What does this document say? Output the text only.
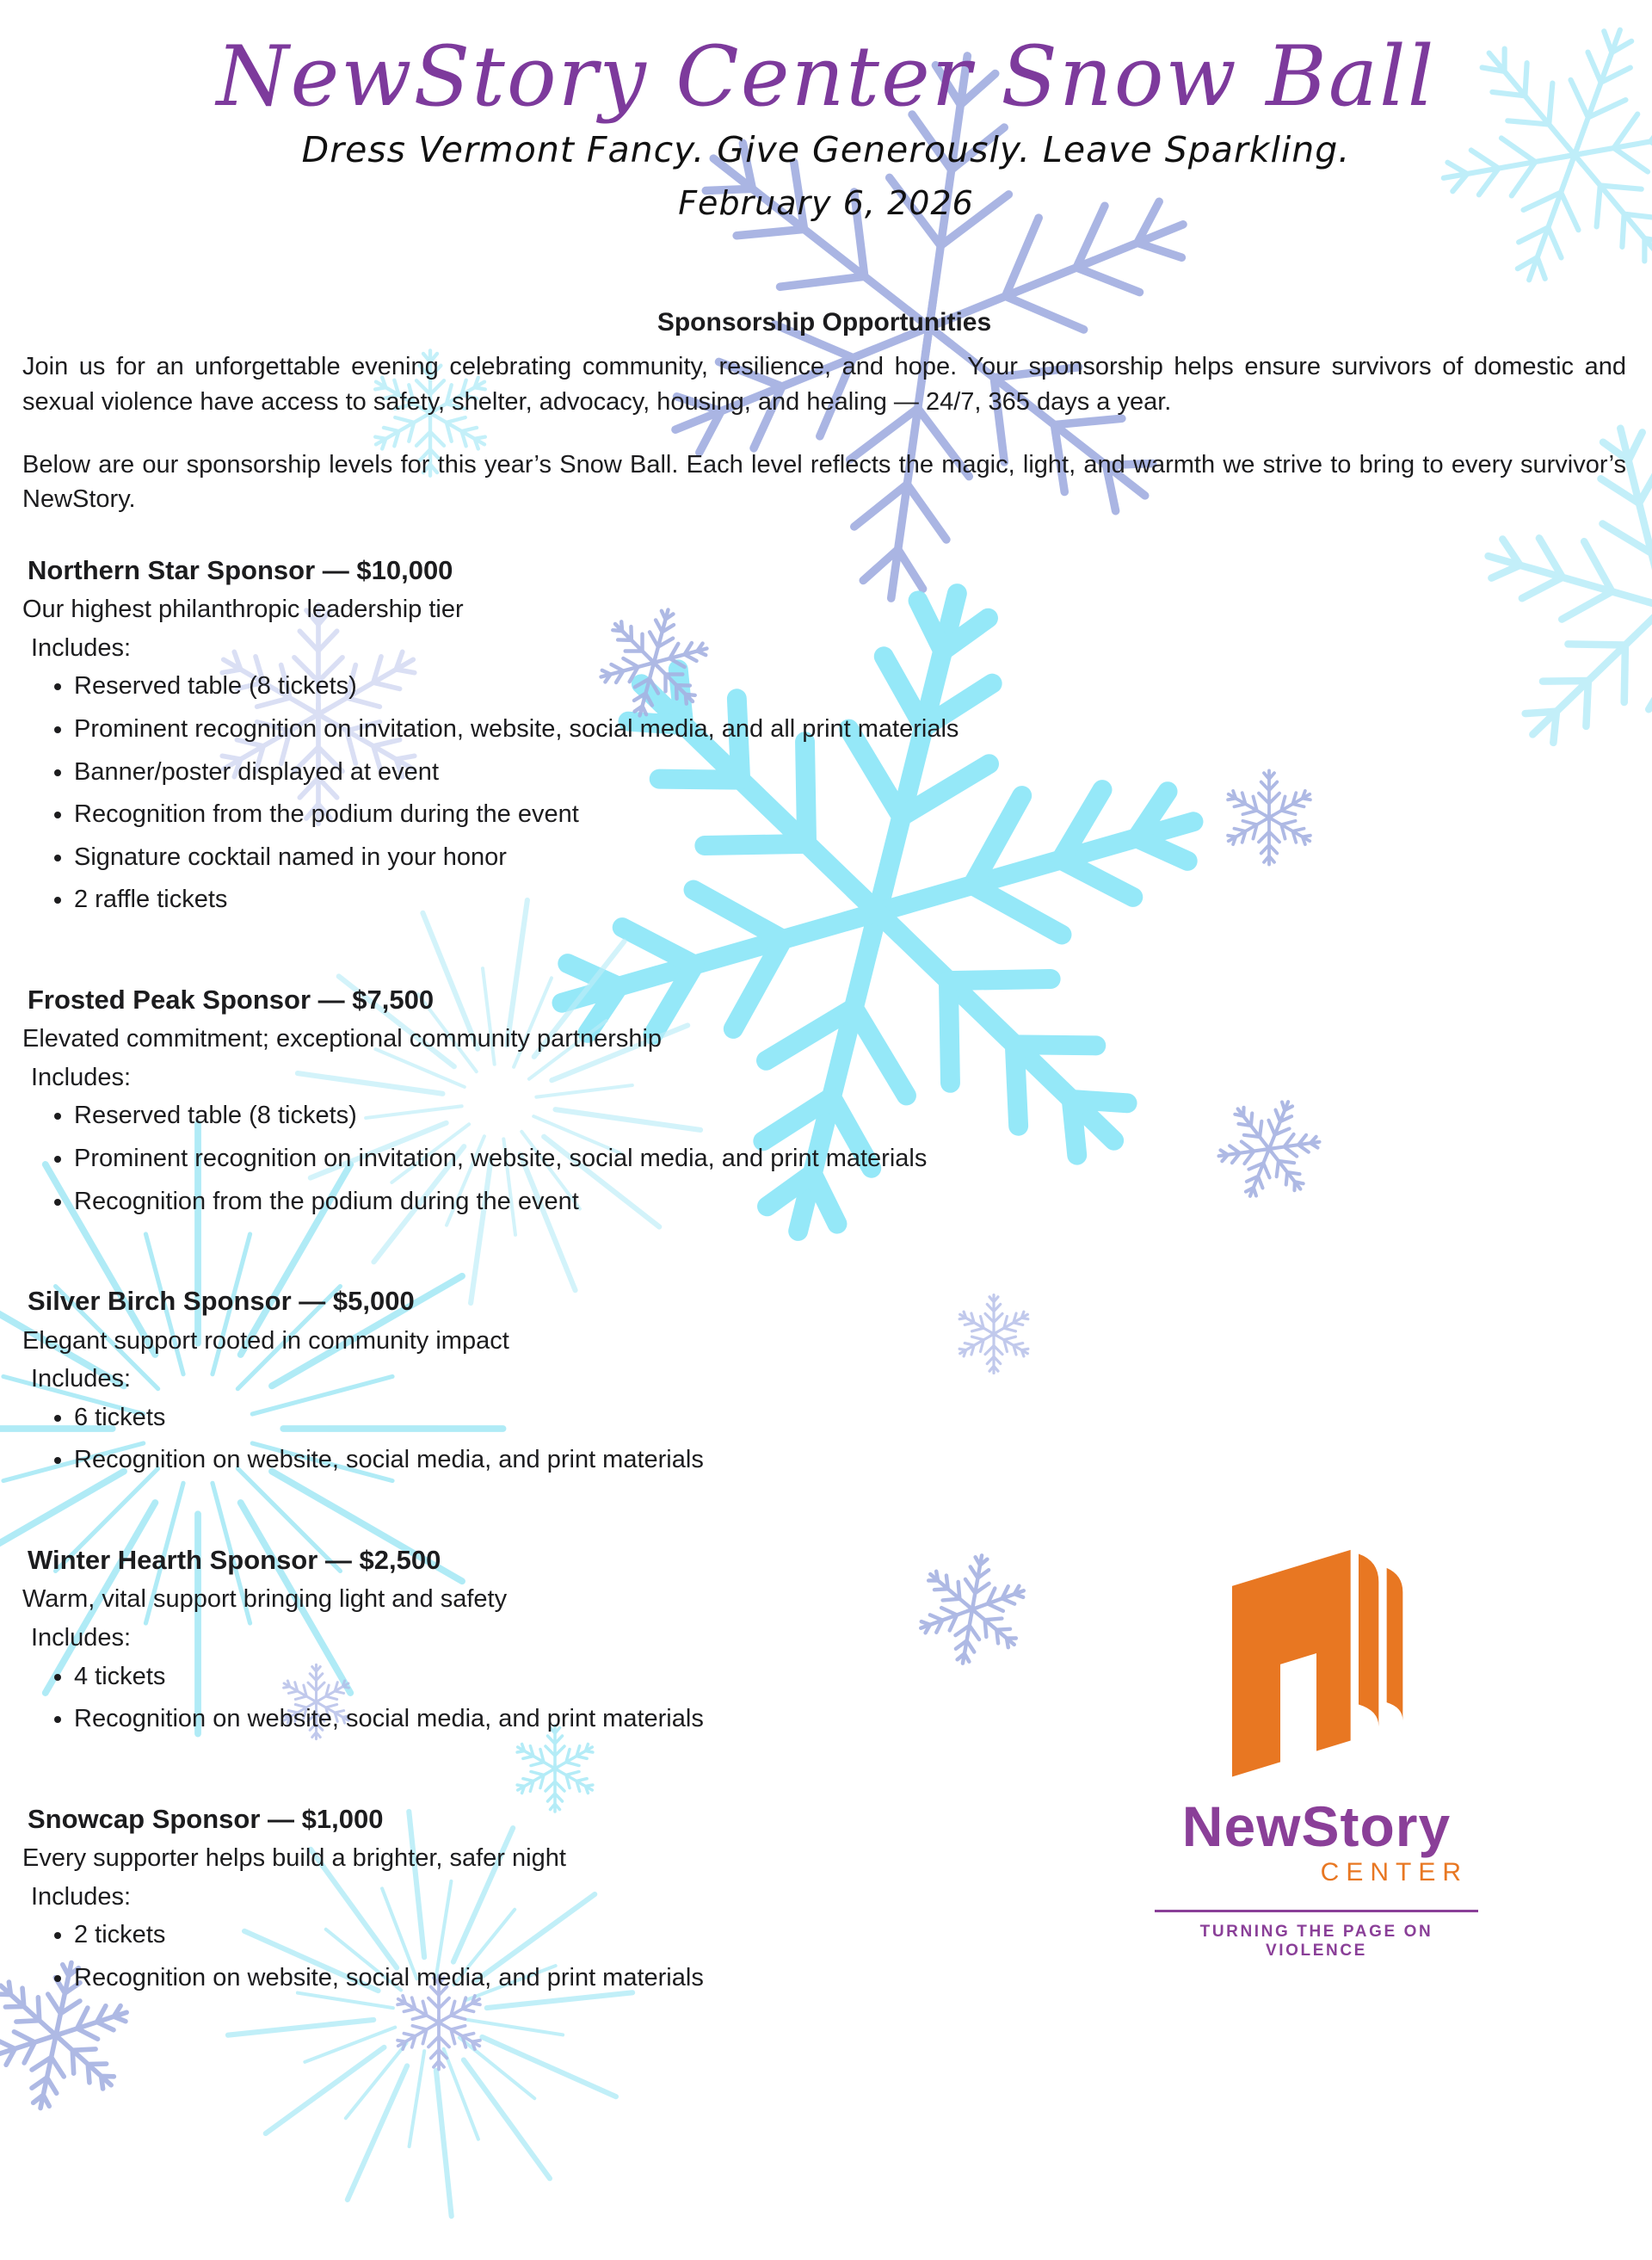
NewStory Center Snow Ball

Dress Vermont Fancy. Give Generously. Leave Sparkling.

February 6, 2026

Sponsorship Opportunities

Join us for an unforgettable evening celebrating community, resilience, and hope. Your sponsorship helps ensure survivors of domestic and sexual violence have access to safety, shelter, advocacy, housing, and healing — 24/7, 365 days a year.

Below are our sponsorship levels for this year’s Snow Ball. Each level reflects the magic, light, and warmth we strive to bring to every survivor’s NewStory.

Northern Star Sponsor — $10,000

Our highest philanthropic leadership tier

Includes:

• Reserved table (8 tickets)
• Prominent recognition on invitation, website, social media, and all print materials
• Banner/poster displayed at event
• Recognition from the podium during the event
• Signature cocktail named in your honor
• 2 raffle tickets
Frosted Peak Sponsor — $7,500

Elevated commitment; exceptional community partnership

Includes:

• Reserved table (8 tickets)
• Prominent recognition on invitation, website, social media, and print materials
• Recognition from the podium during the event
Silver Birch Sponsor — $5,000

Elegant support rooted in community impact

Includes:

• 6 tickets
• Recognition on website, social media, and print materials
Winter Hearth Sponsor — $2,500

Warm, vital support bringing light and safety

Includes:

• 4 tickets
• Recognition on website, social media, and print materials
Snowcap Sponsor — $1,000

Every supporter helps build a brighter, safer night

Includes:

• 2 tickets
• Recognition on website, social media, and print materials
NewStory
CENTER
TURNING THE PAGE ON VIOLENCE
